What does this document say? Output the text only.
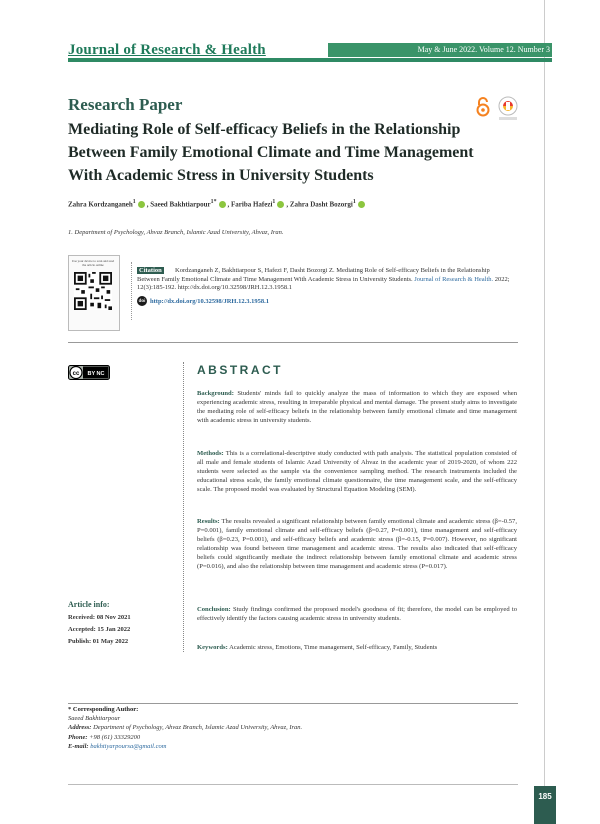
May & June 2022. Volume 12. Number 3
Journal of Research & Health
Research Paper
Mediating Role of Self-efficacy Beliefs in the Relationship Between Family Emotional Climate and Time Management With Academic Stress in University Students
Zahra Kordzanganeh$^1$ , Saeed Bakhtiarpour$^{1*}$ , Fariba Hafezi$^1$ , Zahra Dasht Bozorgi$^1$
1. Department of Psychology, Ahvaz Branch, Islamic Azad University, Ahvaz, Iran.
Use your device to scan and read the article online
Kordzanganeh Z, Bakhtiarpour S, Hafezi F, Dasht Bozorgi Z. Mediating Role of Self-efficacy Beliefs in the Relationship Between Family Emotional Climate and Time Management With Academic Stress in University Students. Journal of Research & Health. 2022; 12(3):185-192. http://dx.doi.org/10.32598/JRH.12.3.1958.1
Citation
doi http://dx.doi.org/10.32598/JRH.12.3.1958.1
cc BY NC	ABSTRACT
Background: Students' minds fail to quickly analyze the mass of information to which they are exposed when experiencing academic stress, resulting in irreparable physical and mental damage. The present study aims to investigate the mediating role of self-efficacy beliefs in the relationship between family emotional climate and time management with academic stress in university students.
Methods: This is a correlational-descriptive study conducted with path analysis. The statistical population consisted of all male and female students of Islamic Azad University of Ahvaz in the academic year of 2019-2020, of whom 222 students were selected as the sample via the convenience sampling method. The research instruments included the educational stress scale, the family emotional climate questionnaire, the time management scale, and the self-efficacy scale. The proposed model was evaluated by Structural Equation Modeling (SEM).
Results: The results revealed a significant relationship between family emotional climate and academic stress (β=-0.57, P=0.001), family emotional climate and self-efficacy beliefs (β=0.27, P=0.001), time management and self-efficacy beliefs (β=0.23, P=0.001), and self-efficacy beliefs and academic stress (β=-0.15, P=0.007). However, no significant relationship was found between time management and academic stress. The results also indicated that self-efficacy beliefs could significantly mediate the indirect relationship between family emotional climate and academic stress (P=0.016), and also the relationship between time management and academic stress (P=0.017).
Conclusion: Study findings confirmed the proposed model's goodness of fit; therefore, the model can be employed to effectively identify the factors causing academic stress in university students.
Keywords: Academic stress, Emotions, Time management, Self-efficacy, Family, Students
Article info:
Received: 08 Nov 2021
Accepted: 15 Jan 2022
Publish: 01 May 2022
* Corresponding Author:
Saeed Bakhtiarpour
Address: Department of Psychology, Ahvaz Branch, Islamic Azad University, Ahvaz, Iran.
Phone: +98 (61) 33329200
E-mail: bakhtiyarpoursa@gmail.com
185
